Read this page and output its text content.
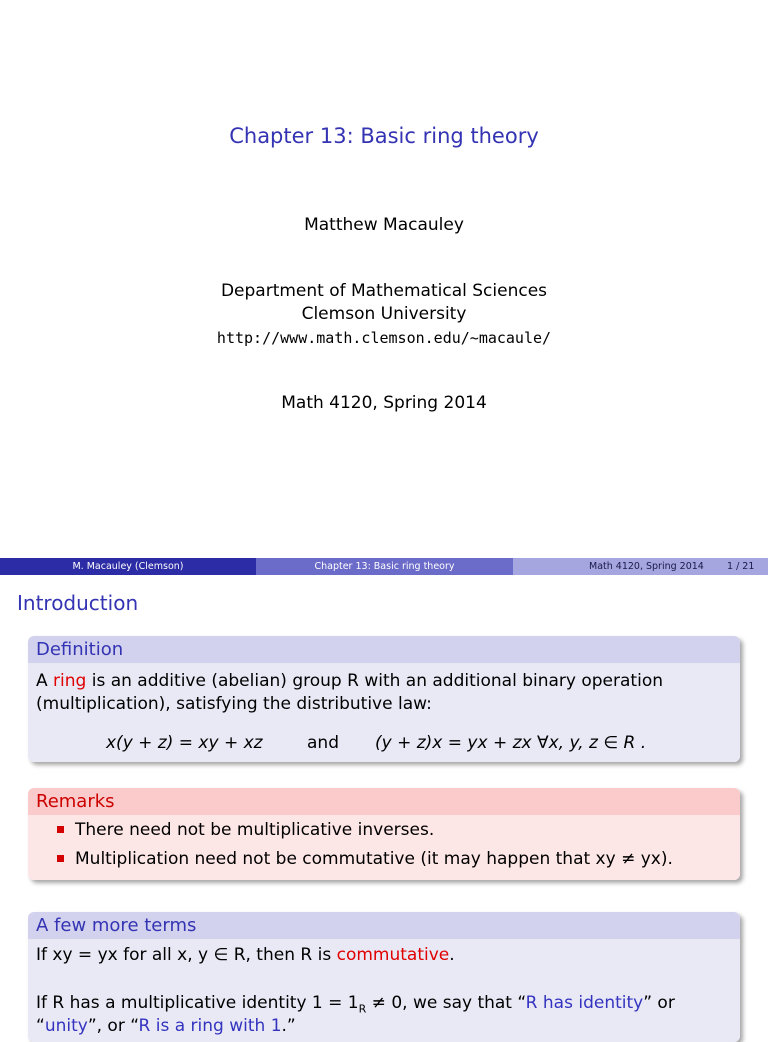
Chapter 13: Basic ring theory
Matthew Macauley
Department of Mathematical Sciences
Clemson University
http://www.math.clemson.edu/~macaule/
Math 4120, Spring 2014
M. Macauley (Clemson)	Chapter 13: Basic ring theory	Math 4120, Spring 2014 1 / 21
Introduction
Definition
A ring is an additive (abelian) group R with an additional binary operation
(multiplication), satisfying the distributive law:
x(y + z) = xy + xz	and (y + z)x = yx + zx ∀x, y, z ∈ R .
Remarks
There need not be multiplicative inverses.
Multiplication need not be commutative (it may happen that xy ≠ yx).
A few more terms
If xy = yx for all x, y ∈ R, then R is commutative.
If R has a multiplicative identity $1 = 1_R \ne 0$, we say that “R has identity” or
“unity”, or “R is a ring with 1.”
